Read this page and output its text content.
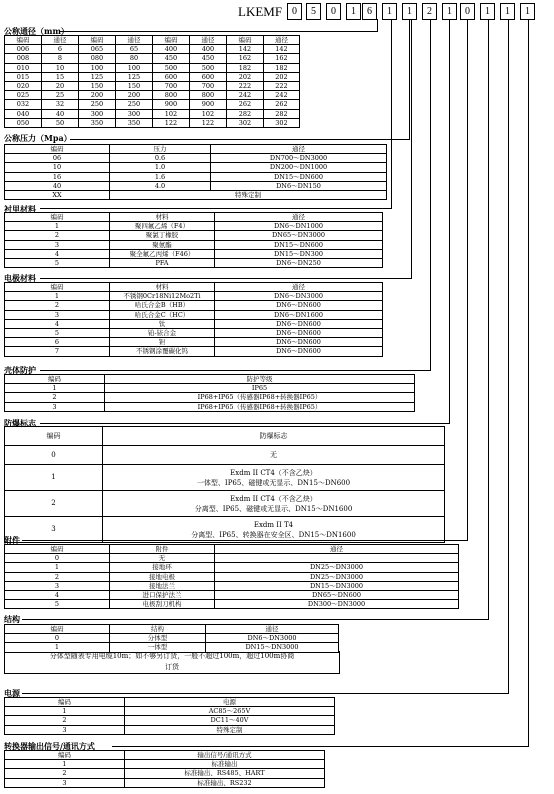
LKEMF 0	5	0	1	6	1	1	2	1	0	1	1	1
公称通径（mm）
公称压力（Mpa）
衬里材料
电极材料
壳体防护
防爆标志
附件
结构
电源
转换器输出信号/通讯方式
编码	通径	编码	通径	编码	通径	编码	通径
006	6	065	65	400	400	142	142
008	8	080	80	450	450	162	162
010	10	100	100	500	500	182	182
015	15	125	125	600	600	202	202
020	20	150	150	700	700	222	222
025	25	200	200	800	800	242	242
032	32	250	250	900	900	262	262
040	40	300	300	102	102	282	282
050	50	350	350	122	122	302	302
编码	压力	通径
06	0.6	DN700～DN3000
10	1.0	DN200～DN1000
16	1.6	DN15～DN600
40	4.0	DN6～DN150
XX	特殊定制	
编码	材料	通径
1	聚四氟乙烯（F4）	DN6～DN1000
2	聚氯丁橡胶	DN65～DN3000
3	聚氨酯	DN15～DN600
4	聚全氟乙丙烯（F46）	DN15～DN300
5	PFA	DN6～DN250
编码	材料	通径
1	不锈钢0Cr18Ni12Mo2Ti	DN6～DN3000
2	哈氏合金B（HB）	DN6～DN600
3	哈氏合金C（HC）	DN6～DN1600
4	钛	DN6～DN600
5	铂-铱合金	DN6～DN600
6	钽	DN6～DN600
7	不锈钢涂覆碳化钨	DN6～DN600
编码	防护等级
1	IP65
2	IP68+IP65（传感器IP68+转换器IP65）
3	IP68+IP65（传感器IP68+转换器IP65）
编码	防爆标志
0	无

1	Exdm II CT4（不含乙炔）
一体型、IP65、磁键或无显示、DN15～DN600

2	Exdm II CT4（不含乙炔）
分离型、IP65、磁键或无显示、DN15～DN1600

3	Exdm II T4
分离型、IP65、转换器在安全区、DN15～DN1600
编码	附件	通径
0	无	
1	接地环	DN25～DN3000
2	接地电极	DN25～DN3000
3	接地法兰	DN15～DN3000
4	进口保护法兰	DN65～DN600
5	电极刮刀机构	DN300～DN3000
编码	结构	通径
0	分体型	DN6～DN3000
1	一体型	DN15～DN3000
分体型随表专用电缆10m；如不够另订货，一般不超过100m，超过100m协商
订货
编码	电源
1	AC85～265V
2	DC11～40V
3	特殊定制
编码	输出信号/通讯方式
1	标准输出
2	标准输出、RS485、HART
3	标准输出、RS232
